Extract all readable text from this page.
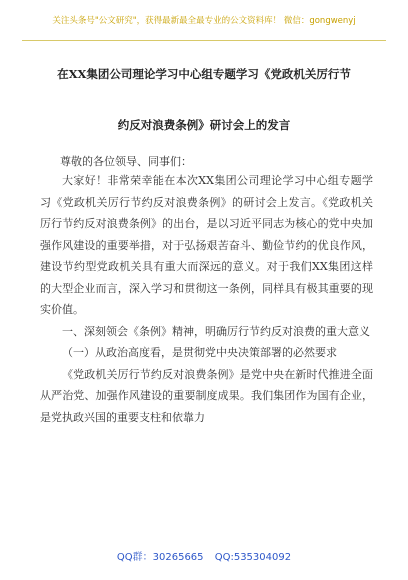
关注头条号"公文研究"，获得最新最全最专业的公文资料库！ 微信：gongwenyj
在XX集团公司理论学习中心组专题学习《党政机关厉行节
约反对浪费条例》研讨会上的发言
尊敬的各位领导、同事们：

大家好！非常荣幸能在本次XX集团公司理论学习中心组专题学习《党政机关厉行节约反对浪费条例》的研讨会上发言。《党政机关厉行节约反对浪费条例》的出台，是以习近平同志为核心的党中央加强作风建设的重要举措，对于弘扬艰苦奋斗、勤俭节约的优良作风，建设节约型党政机关具有重大而深远的意义。对于我们XX集团这样的大型企业而言，深入学习和贯彻这一条例，同样具有极其重要的现实价值。

一、深刻领会《条例》精神，明确厉行节约反对浪费的重大意义

（一）从政治高度看，是贯彻党中央决策部署的必然要求

《党政机关厉行节约反对浪费条例》是党中央在新时代推进全面从严治党、加强作风建设的重要制度成果。我们集团作为国有企业，是党执政兴国的重要支柱和依靠力

QQ群：30265665 QQ:535304092
